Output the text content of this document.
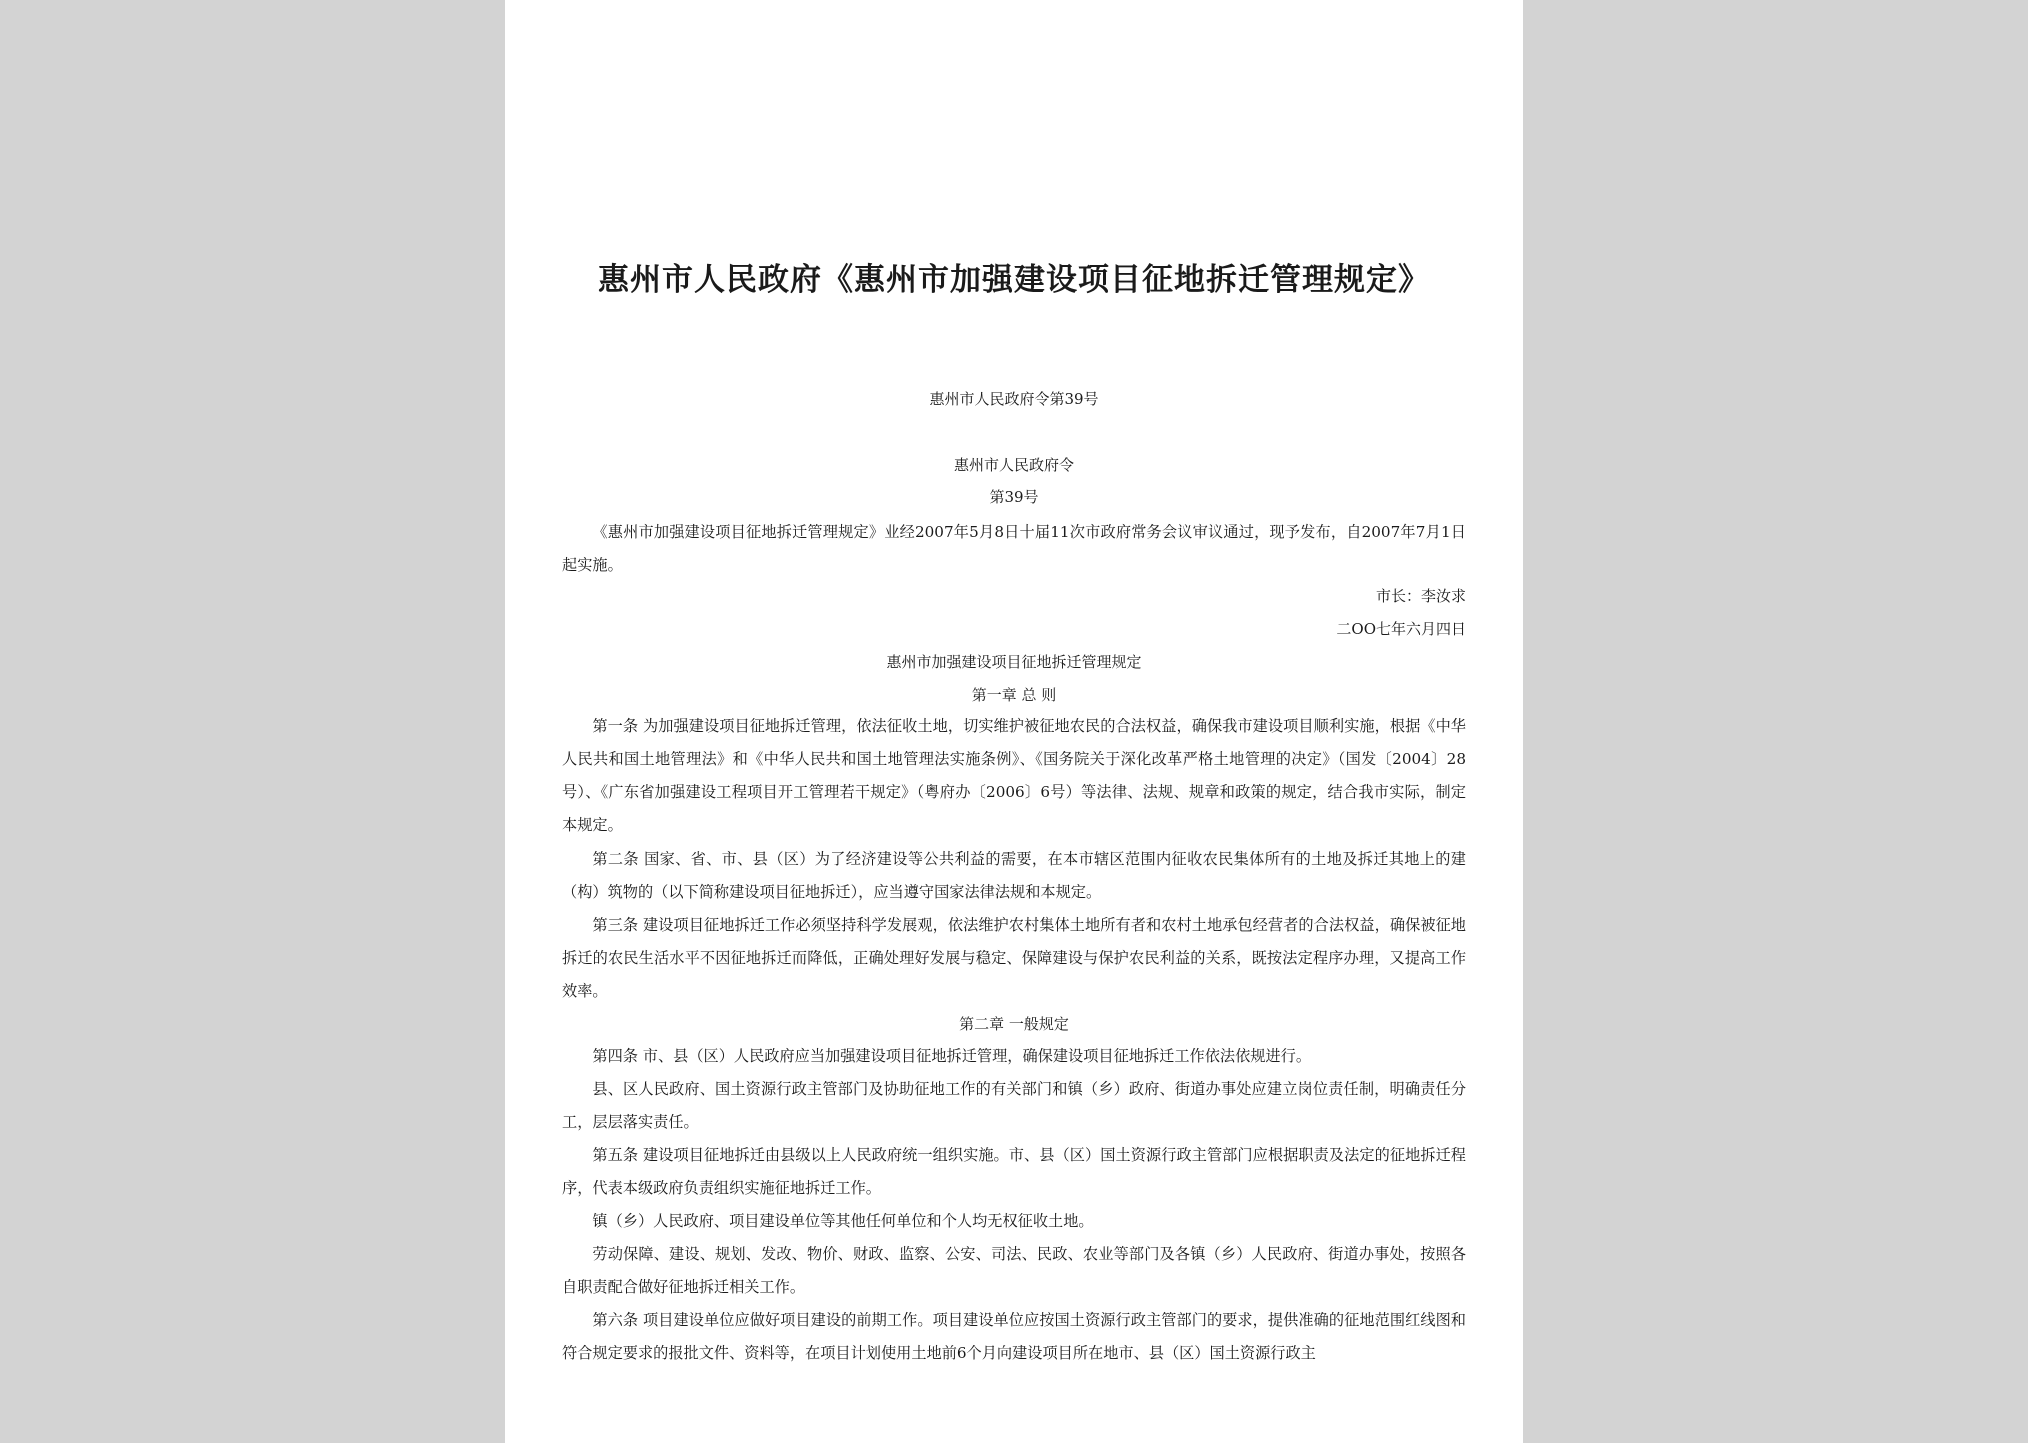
惠州市人民政府《惠州市加强建设项目征地拆迁管理规定》
惠州市人民政府令第39号
惠州市人民政府令
第39号
《惠州市加强建设项目征地拆迁管理规定》业经2007年5月8日十届11次市政府常务会议审议通过，现予发布，自2007年7月1日起实施。
市长：李汝求
二OO七年六月四日
惠州市加强建设项目征地拆迁管理规定
第一章 总 则
第一条 为加强建设项目征地拆迁管理，依法征收土地，切实维护被征地农民的合法权益，确保我市建设项目顺利实施，根据《中华人民共和国土地管理法》和《中华人民共和国土地管理法实施条例》、《国务院关于深化改革严格土地管理的决定》（国发〔2004〕28号）、《广东省加强建设工程项目开工管理若干规定》（粤府办〔2006〕6号）等法律、法规、规章和政策的规定，结合我市实际，制定本规定。
第二条 国家、省、市、县（区）为了经济建设等公共利益的需要，在本市辖区范围内征收农民集体所有的土地及拆迁其地上的建（构）筑物的（以下简称建设项目征地拆迁），应当遵守国家法律法规和本规定。
第三条 建设项目征地拆迁工作必须坚持科学发展观，依法维护农村集体土地所有者和农村土地承包经营者的合法权益，确保被征地拆迁的农民生活水平不因征地拆迁而降低，正确处理好发展与稳定、保障建设与保护农民利益的关系，既按法定程序办理，又提高工作效率。
第二章 一般规定
第四条 市、县（区）人民政府应当加强建设项目征地拆迁管理，确保建设项目征地拆迁工作依法依规进行。
县、区人民政府、国土资源行政主管部门及协助征地工作的有关部门和镇（乡）政府、街道办事处应建立岗位责任制，明确责任分工，层层落实责任。
第五条 建设项目征地拆迁由县级以上人民政府统一组织实施。市、县（区）国土资源行政主管部门应根据职责及法定的征地拆迁程序，代表本级政府负责组织实施征地拆迁工作。
镇（乡）人民政府、项目建设单位等其他任何单位和个人均无权征收土地。
劳动保障、建设、规划、发改、物价、财政、监察、公安、司法、民政、农业等部门及各镇（乡）人民政府、街道办事处，按照各自职责配合做好征地拆迁相关工作。
第六条 项目建设单位应做好项目建设的前期工作。项目建设单位应按国土资源行政主管部门的要求，提供准确的征地范围红线图和符合规定要求的报批文件、资料等，在项目计划使用土地前6个月向建设项目所在地市、县（区）国土资源行政主
